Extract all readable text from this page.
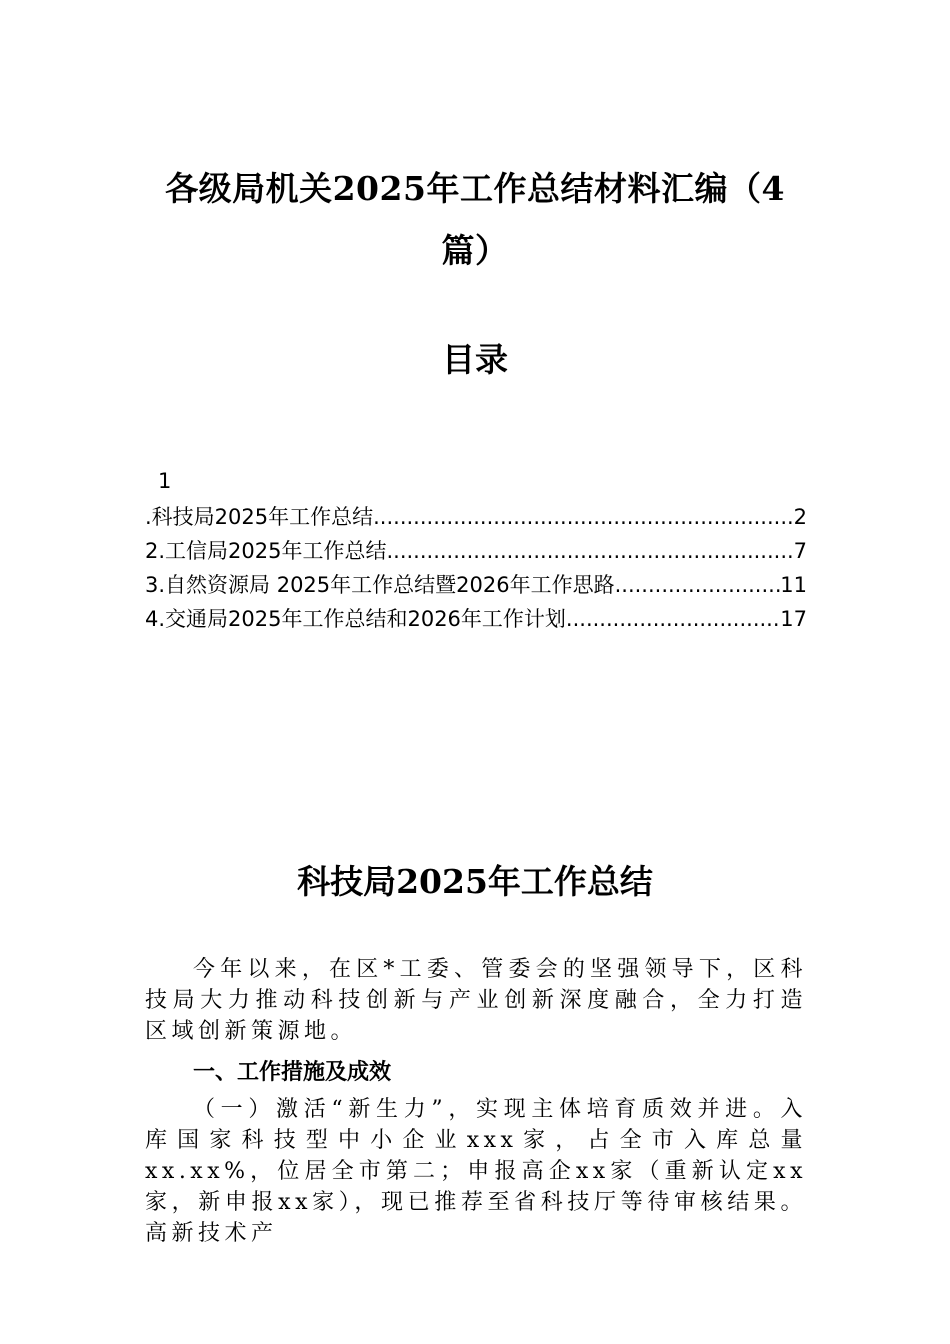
各级局机关2025年工作总结材料汇编（4篇）
目录
1
.科技局2025年工作总结 .....	2
2.工信局2025年工作总结 .....	7
3.自然资源局 2025年工作总结暨2026年工作思路 .....	11
4.交通局2025年工作总结和2026年工作计划 .....	17
科技局2025年工作总结

今年以来，在区*工委、管委会的坚强领导下，区科技局大力推动科技创新与产业创新深度融合，全力打造区域创新策源地。

一、工作措施及成效

（一）激活“新生力”，实现主体培育质效并进。入库国家科技型中小企业xxx家，占全市入库总量xx.xx%，位居全市第二；申报高企xx家（重新认定xx家，新申报xx家），现已推荐至省科技厅等待审核结果。高新技术产
